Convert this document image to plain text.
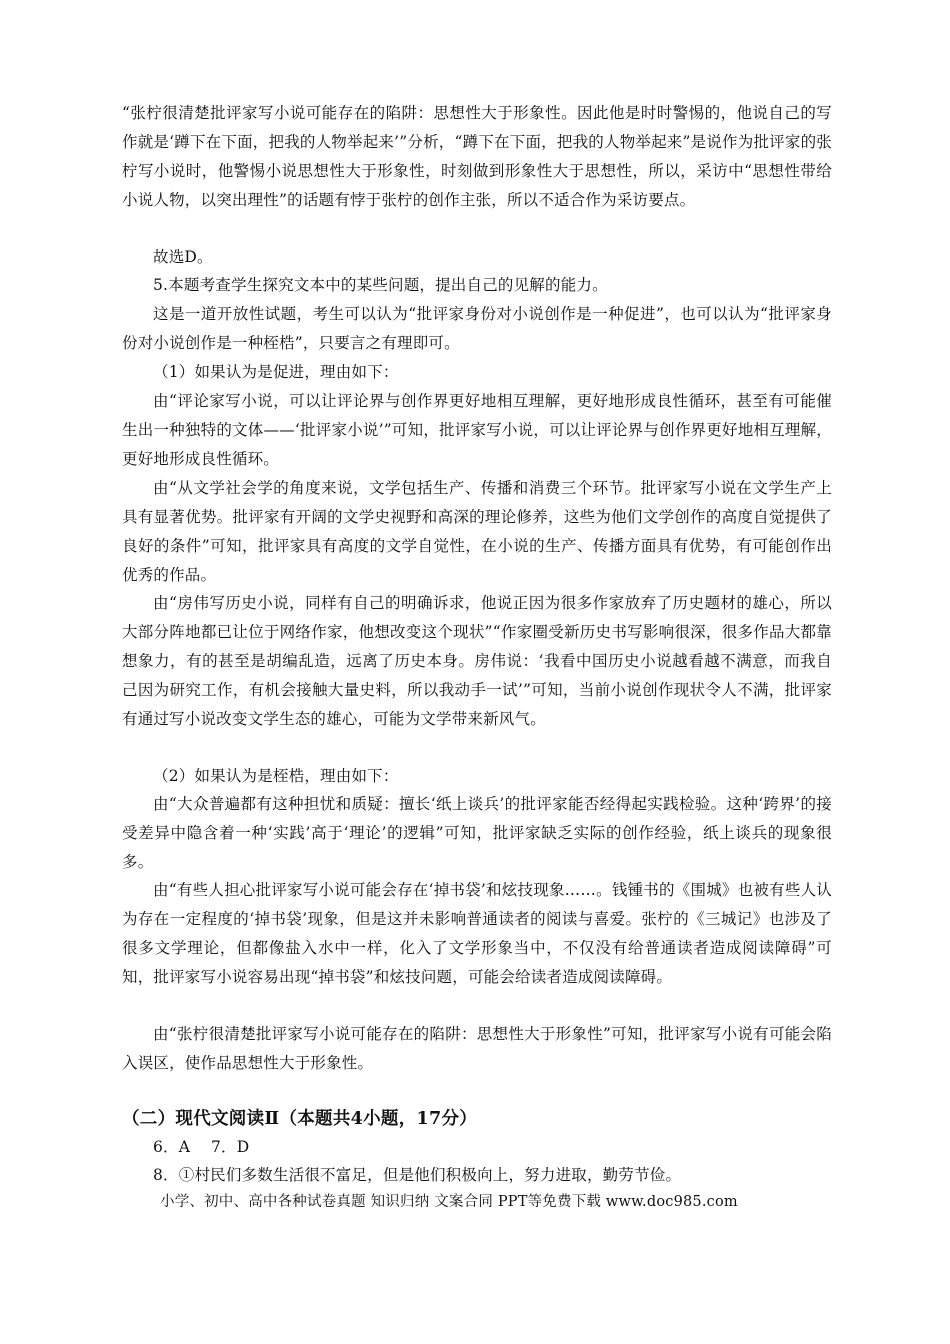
“张柠很清楚批评家写小说可能存在的陷阱：思想性大于形象性。因此他是时时警惕的，他说自己的写作就是‘蹲下在下面，把我的人物举起来’”分析，“蹲下在下面，把我的人物举起来”是说作为批评家的张柠写小说时，他警惕小说思想性大于形象性，时刻做到形象性大于思想性，所以，采访中“思想性带给小说人物，以突出理性”的话题有悖于张柠的创作主张，所以不适合作为采访要点。

故选D。

5.本题考查学生探究文本中的某些问题，提出自己的见解的能力。

这是一道开放性试题，考生可以认为“批评家身份对小说创作是一种促进”，也可以认为“批评家身份对小说创作是一种桎梏”，只要言之有理即可。

（1）如果认为是促进，理由如下：

由“评论家写小说，可以让评论界与创作界更好地相互理解，更好地形成良性循环，甚至有可能催生出一种独特的文体——‘批评家小说’”可知，批评家写小说，可以让评论界与创作界更好地相互理解，更好地形成良性循环。

由“从文学社会学的角度来说，文学包括生产、传播和消费三个环节。批评家写小说在文学生产上具有显著优势。批评家有开阔的文学史视野和高深的理论修养，这些为他们文学创作的高度自觉提供了良好的条件”可知，批评家具有高度的文学自觉性，在小说的生产、传播方面具有优势，有可能创作出优秀的作品。

由“房伟写历史小说，同样有自己的明确诉求，他说正因为很多作家放弃了历史题材的雄心，所以大部分阵地都已让位于网络作家，他想改变这个现状”“作家圈受新历史书写影响很深，很多作品大都靠想象力，有的甚至是胡编乱造，远离了历史本身。房伟说：‘我看中国历史小说越看越不满意，而我自己因为研究工作，有机会接触大量史料，所以我动手一试’”可知，当前小说创作现状令人不满，批评家有通过写小说改变文学生态的雄心，可能为文学带来新风气。

（2）如果认为是桎梏，理由如下：

由“大众普遍都有这种担忧和质疑：擅长‘纸上谈兵’的批评家能否经得起实践检验。这种‘跨界’的接受差异中隐含着一种‘实践’高于‘理论’的逻辑”可知，批评家缺乏实际的创作经验，纸上谈兵的现象很多。

由“有些人担心批评家写小说可能会存在‘掉书袋’和炫技现象……。钱锺书的《围城》也被有些人认为存在一定程度的‘掉书袋’现象，但是这并未影响普通读者的阅读与喜爱。张柠的《三城记》也涉及了很多文学理论，但都像盐入水中一样，化入了文学形象当中，不仅没有给普通读者造成阅读障碍”可知，批评家写小说容易出现“掉书袋”和炫技问题，可能会给读者造成阅读障碍。

由“张柠很清楚批评家写小说可能存在的陷阱：思想性大于形象性”可知，批评家写小说有可能会陷入误区，使作品思想性大于形象性。

（二）现代文阅读Ⅱ（本题共4小题，17分）

6．A　 7．D

8．①村民们多数生活很不富足，但是他们积极向上，努力进取，勤劳节俭。

小学、初中、高中各种试卷真题 知识归纳 文案合同 PPT等免费下载 www.doc985.com
